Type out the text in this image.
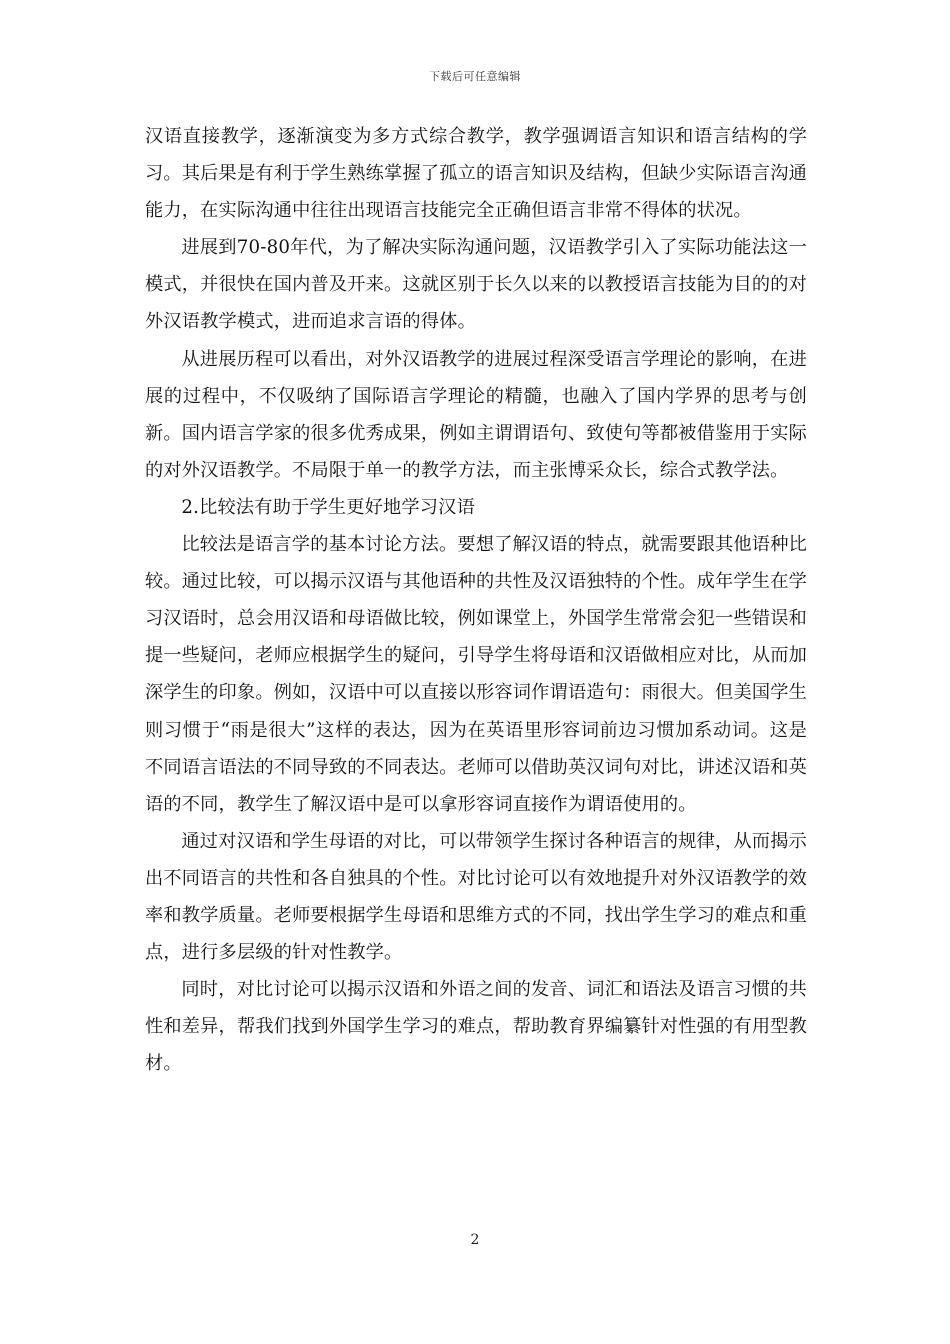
下载后可任意编辑

汉语直接教学，逐渐演变为多方式综合教学，教学强调语言知识和语言结构的学习。其后果是有利于学生熟练掌握了孤立的语言知识及结构，但缺少实际语言沟通能力，在实际沟通中往往出现语言技能完全正确但语言非常不得体的状况。

进展到70-80年代，为了解决实际沟通问题，汉语教学引入了实际功能法这一模式，并很快在国内普及开来。这就区别于长久以来的以教授语言技能为目的的对外汉语教学模式，进而追求言语的得体。

从进展历程可以看出，对外汉语教学的进展过程深受语言学理论的影响，在进展的过程中，不仅吸纳了国际语言学理论的精髓，也融入了国内学界的思考与创新。国内语言学家的很多优秀成果，例如主谓谓语句、致使句等都被借鉴用于实际的对外汉语教学。不局限于单一的教学方法，而主张博采众长，综合式教学法。

2.比较法有助于学生更好地学习汉语

比较法是语言学的基本讨论方法。要想了解汉语的特点，就需要跟其他语种比较。通过比较，可以揭示汉语与其他语种的共性及汉语独特的个性。成年学生在学习汉语时，总会用汉语和母语做比较，例如课堂上，外国学生常常会犯一些错误和提一些疑问，老师应根据学生的疑问，引导学生将母语和汉语做相应对比，从而加深学生的印象。例如，汉语中可以直接以形容词作谓语造句：雨很大。但美国学生则习惯于“雨是很大”这样的表达，因为在英语里形容词前边习惯加系动词。这是不同语言语法的不同导致的不同表达。老师可以借助英汉词句对比，讲述汉语和英语的不同，教学生了解汉语中是可以拿形容词直接作为谓语使用的。

通过对汉语和学生母语的对比，可以带领学生探讨各种语言的规律，从而揭示出不同语言的共性和各自独具的个性。对比讨论可以有效地提升对外汉语教学的效率和教学质量。老师要根据学生母语和思维方式的不同，找出学生学习的难点和重点，进行多层级的针对性教学。

同时，对比讨论可以揭示汉语和外语之间的发音、词汇和语法及语言习惯的共性和差异，帮我们找到外国学生学习的难点，帮助教育界编纂针对性强的有用型教材。

2
